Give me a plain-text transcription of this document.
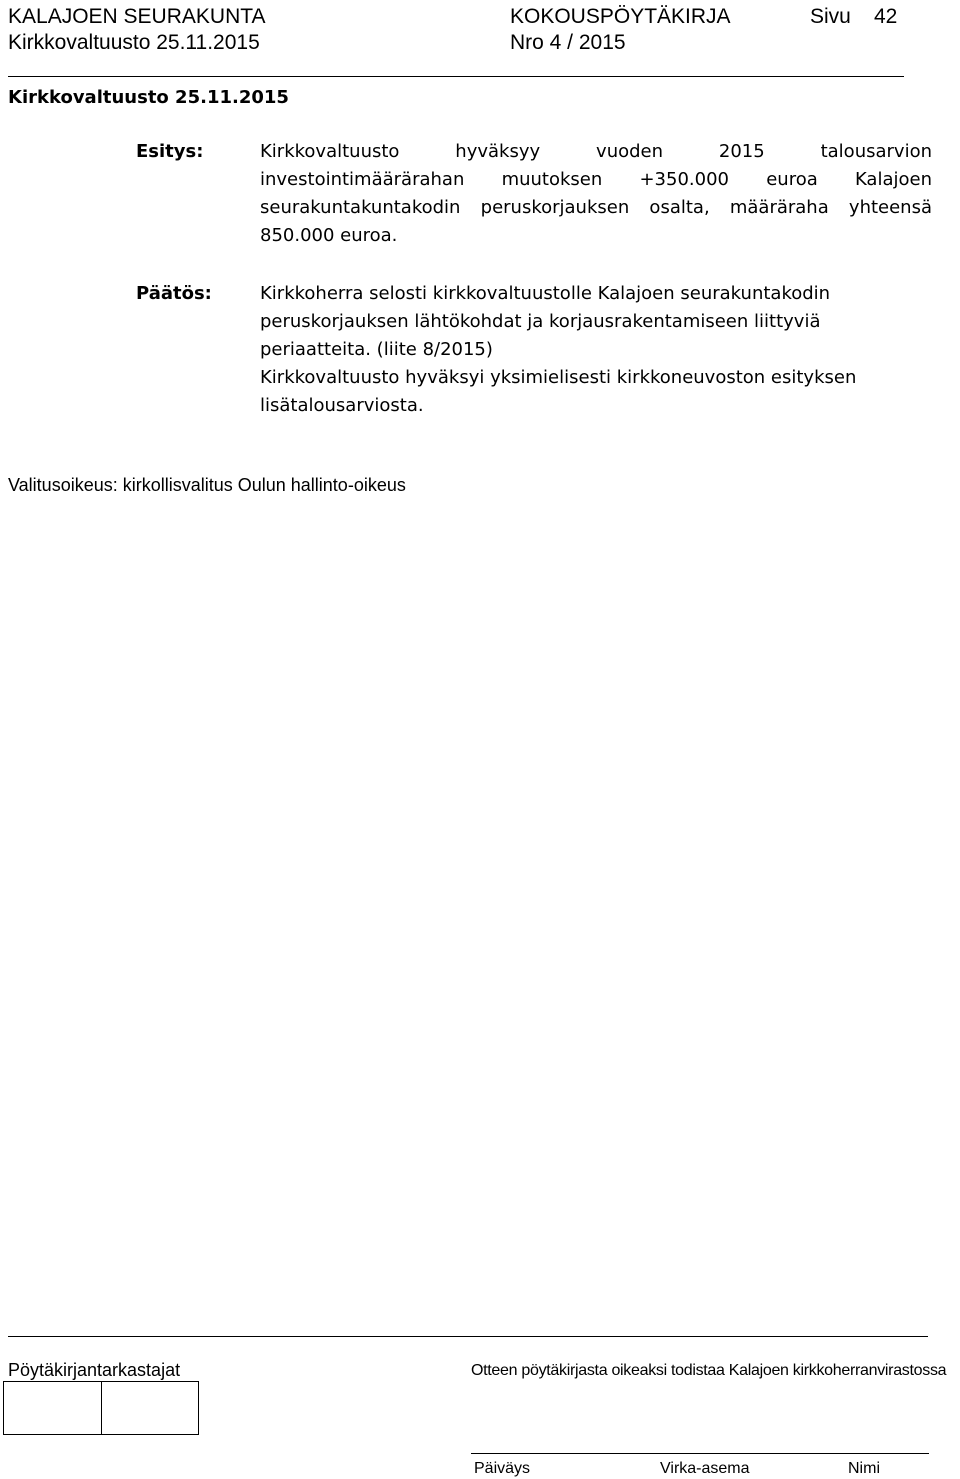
KALAJOEN SEURAKUNTA	KOKOUSPÖYTÄKIRJA	Sivu 42
Kirkkovaltuusto 25.11.2015	Nro 4 / 2015
Kirkkovaltuusto 25.11.2015
Esitys:	Kirkkovaltuusto hyväksyy vuoden 2015 talousarvion
investointimäärärahan muutoksen +350.000 euroa Kalajoen
seurakuntakuntakodin peruskorjauksen osalta, määräraha yhteensä
850.000 euroa.
Päätös:	Kirkkoherra selosti kirkkovaltuustolle Kalajoen seurakuntakodin
peruskorjauksen lähtökohdat ja korjausrakentamiseen liittyviä
periaatteita. (liite 8/2015)
Kirkkovaltuusto hyväksyi yksimielisesti kirkkoneuvoston esityksen
lisätalousarviosta.
Valitusoikeus: kirkollisvalitus Oulun hallinto-oikeus
Pöytäkirjantarkastajat	Otteen pöytäkirjasta oikeaksi todistaa Kalajoen kirkkoherranvirastossa
Päiväys	Virka-asema	Nimi
